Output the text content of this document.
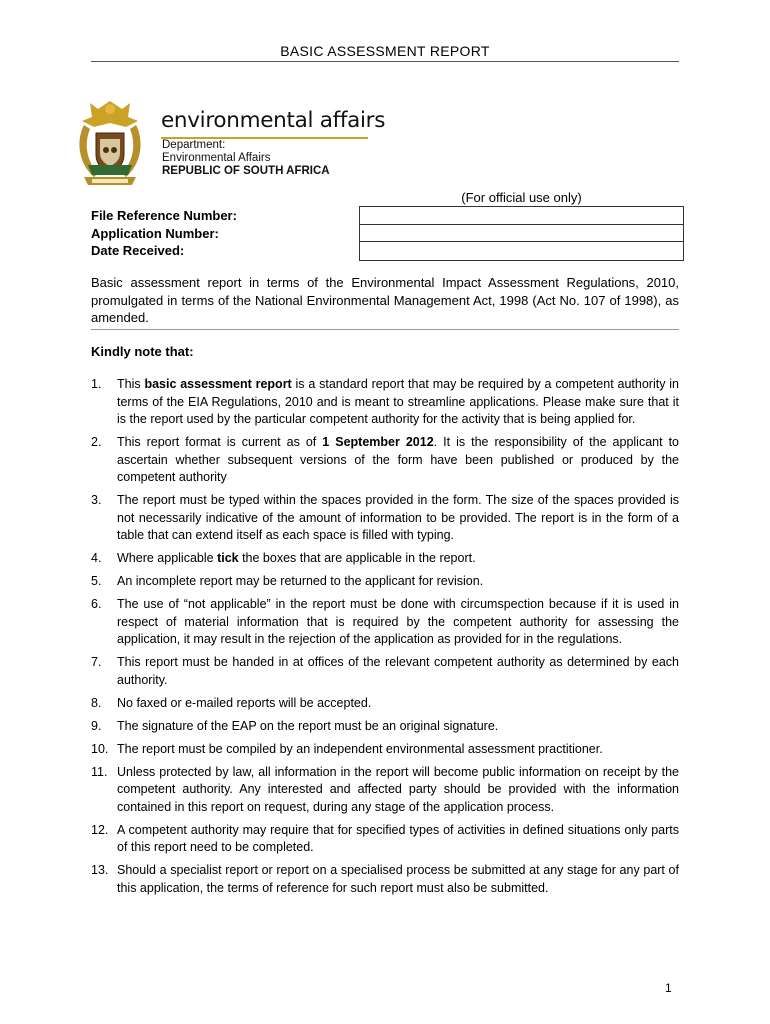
BASIC ASSESSMENT REPORT
environmental affairs
Department:
Environmental Affairs
REPUBLIC OF SOUTH AFRICA
(For official use only)
File Reference Number:
Application Number:
Date Received:
Basic assessment report in terms of the Environmental Impact Assessment Regulations, 2010, promulgated in terms of the National Environmental Management Act, 1998 (Act No. 107 of 1998), as amended.
Kindly note that:
1. This basic assessment report is a standard report that may be required by a competent authority in terms of the EIA Regulations, 2010 and is meant to streamline applications. Please make sure that it is the report used by the particular competent authority for the activity that is being applied for.
2. This report format is current as of 1 September 2012. It is the responsibility of the applicant to ascertain whether subsequent versions of the form have been published or produced by the competent authority
3. The report must be typed within the spaces provided in the form. The size of the spaces provided is not necessarily indicative of the amount of information to be provided. The report is in the form of a table that can extend itself as each space is filled with typing.
4. Where applicable tick the boxes that are applicable in the report.
5. An incomplete report may be returned to the applicant for revision.
6. The use of “not applicable” in the report must be done with circumspection because if it is used in respect of material information that is required by the competent authority for assessing the application, it may result in the rejection of the application as provided for in the regulations.
7. This report must be handed in at offices of the relevant competent authority as determined by each authority.
8. No faxed or e-mailed reports will be accepted.
9. The signature of the EAP on the report must be an original signature.
10. The report must be compiled by an independent environmental assessment practitioner.
11. Unless protected by law, all information in the report will become public information on receipt by the competent authority. Any interested and affected party should be provided with the information contained in this report on request, during any stage of the application process.
12. A competent authority may require that for specified types of activities in defined situations only parts of this report need to be completed.
13. Should a specialist report or report on a specialised process be submitted at any stage for any part of this application, the terms of reference for such report must also be submitted.
1
